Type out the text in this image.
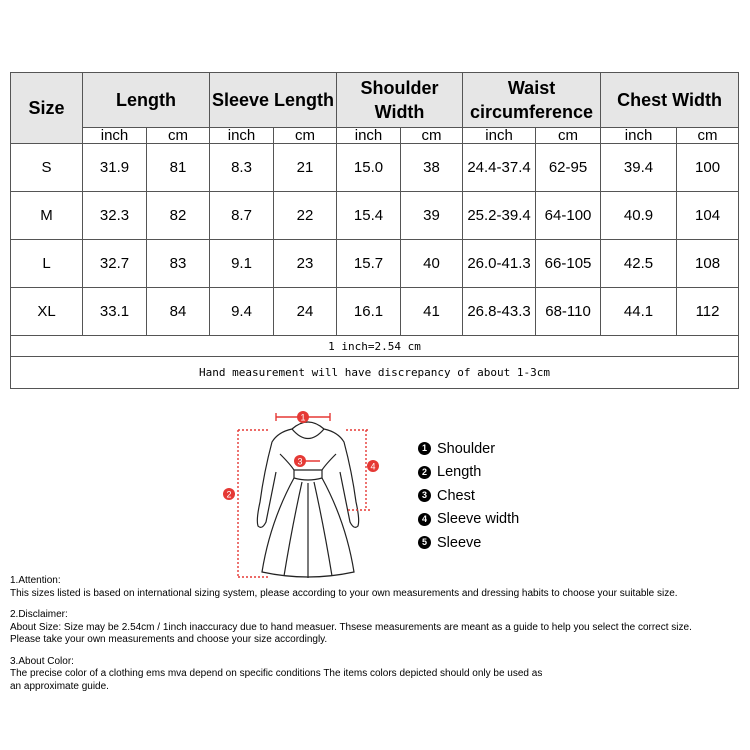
Size	Length		Sleeve Length		Shoulder Width		Waist circumference		Chest Width	
	inch	cm	inch	cm	inch	cm	inch	cm	inch	cm
S	31.9	81	8.3	21	15.0	38	24.4-37.4	62-95	39.4	100
M	32.3	82	8.7	22	15.4	39	25.2-39.4	64-100	40.9	104
L	32.7	83	9.1	23	15.7	40	26.0-41.3	66-105	42.5	108
XL	33.1	84	9.4	24	16.1	41	26.8-43.3	68-110	44.1	112
1 inch=2.54 cm										
Hand measurement will have discrepancy of about 1-3cm										
1
3
2
4
1 Shoulder
2 Length
3 Chest
4 Sleeve width
5 Sleeve

1.Attention:

This sizes listed is based on international sizing system, please according to your own measurements and dressing habits to choose your suitable size.

2.Disclaimer:

About Size: Size may be 2.54cm / 1inch inaccuracy due to hand measuer. Thsese measurements are meant as a guide to help you select the correct size.

Please take your own measurements and choose your size accordingly.

3.About Color:

The precise color of a clothing ems mva depend on specific conditions The items colors depicted should only be used as

an approximate guide.
